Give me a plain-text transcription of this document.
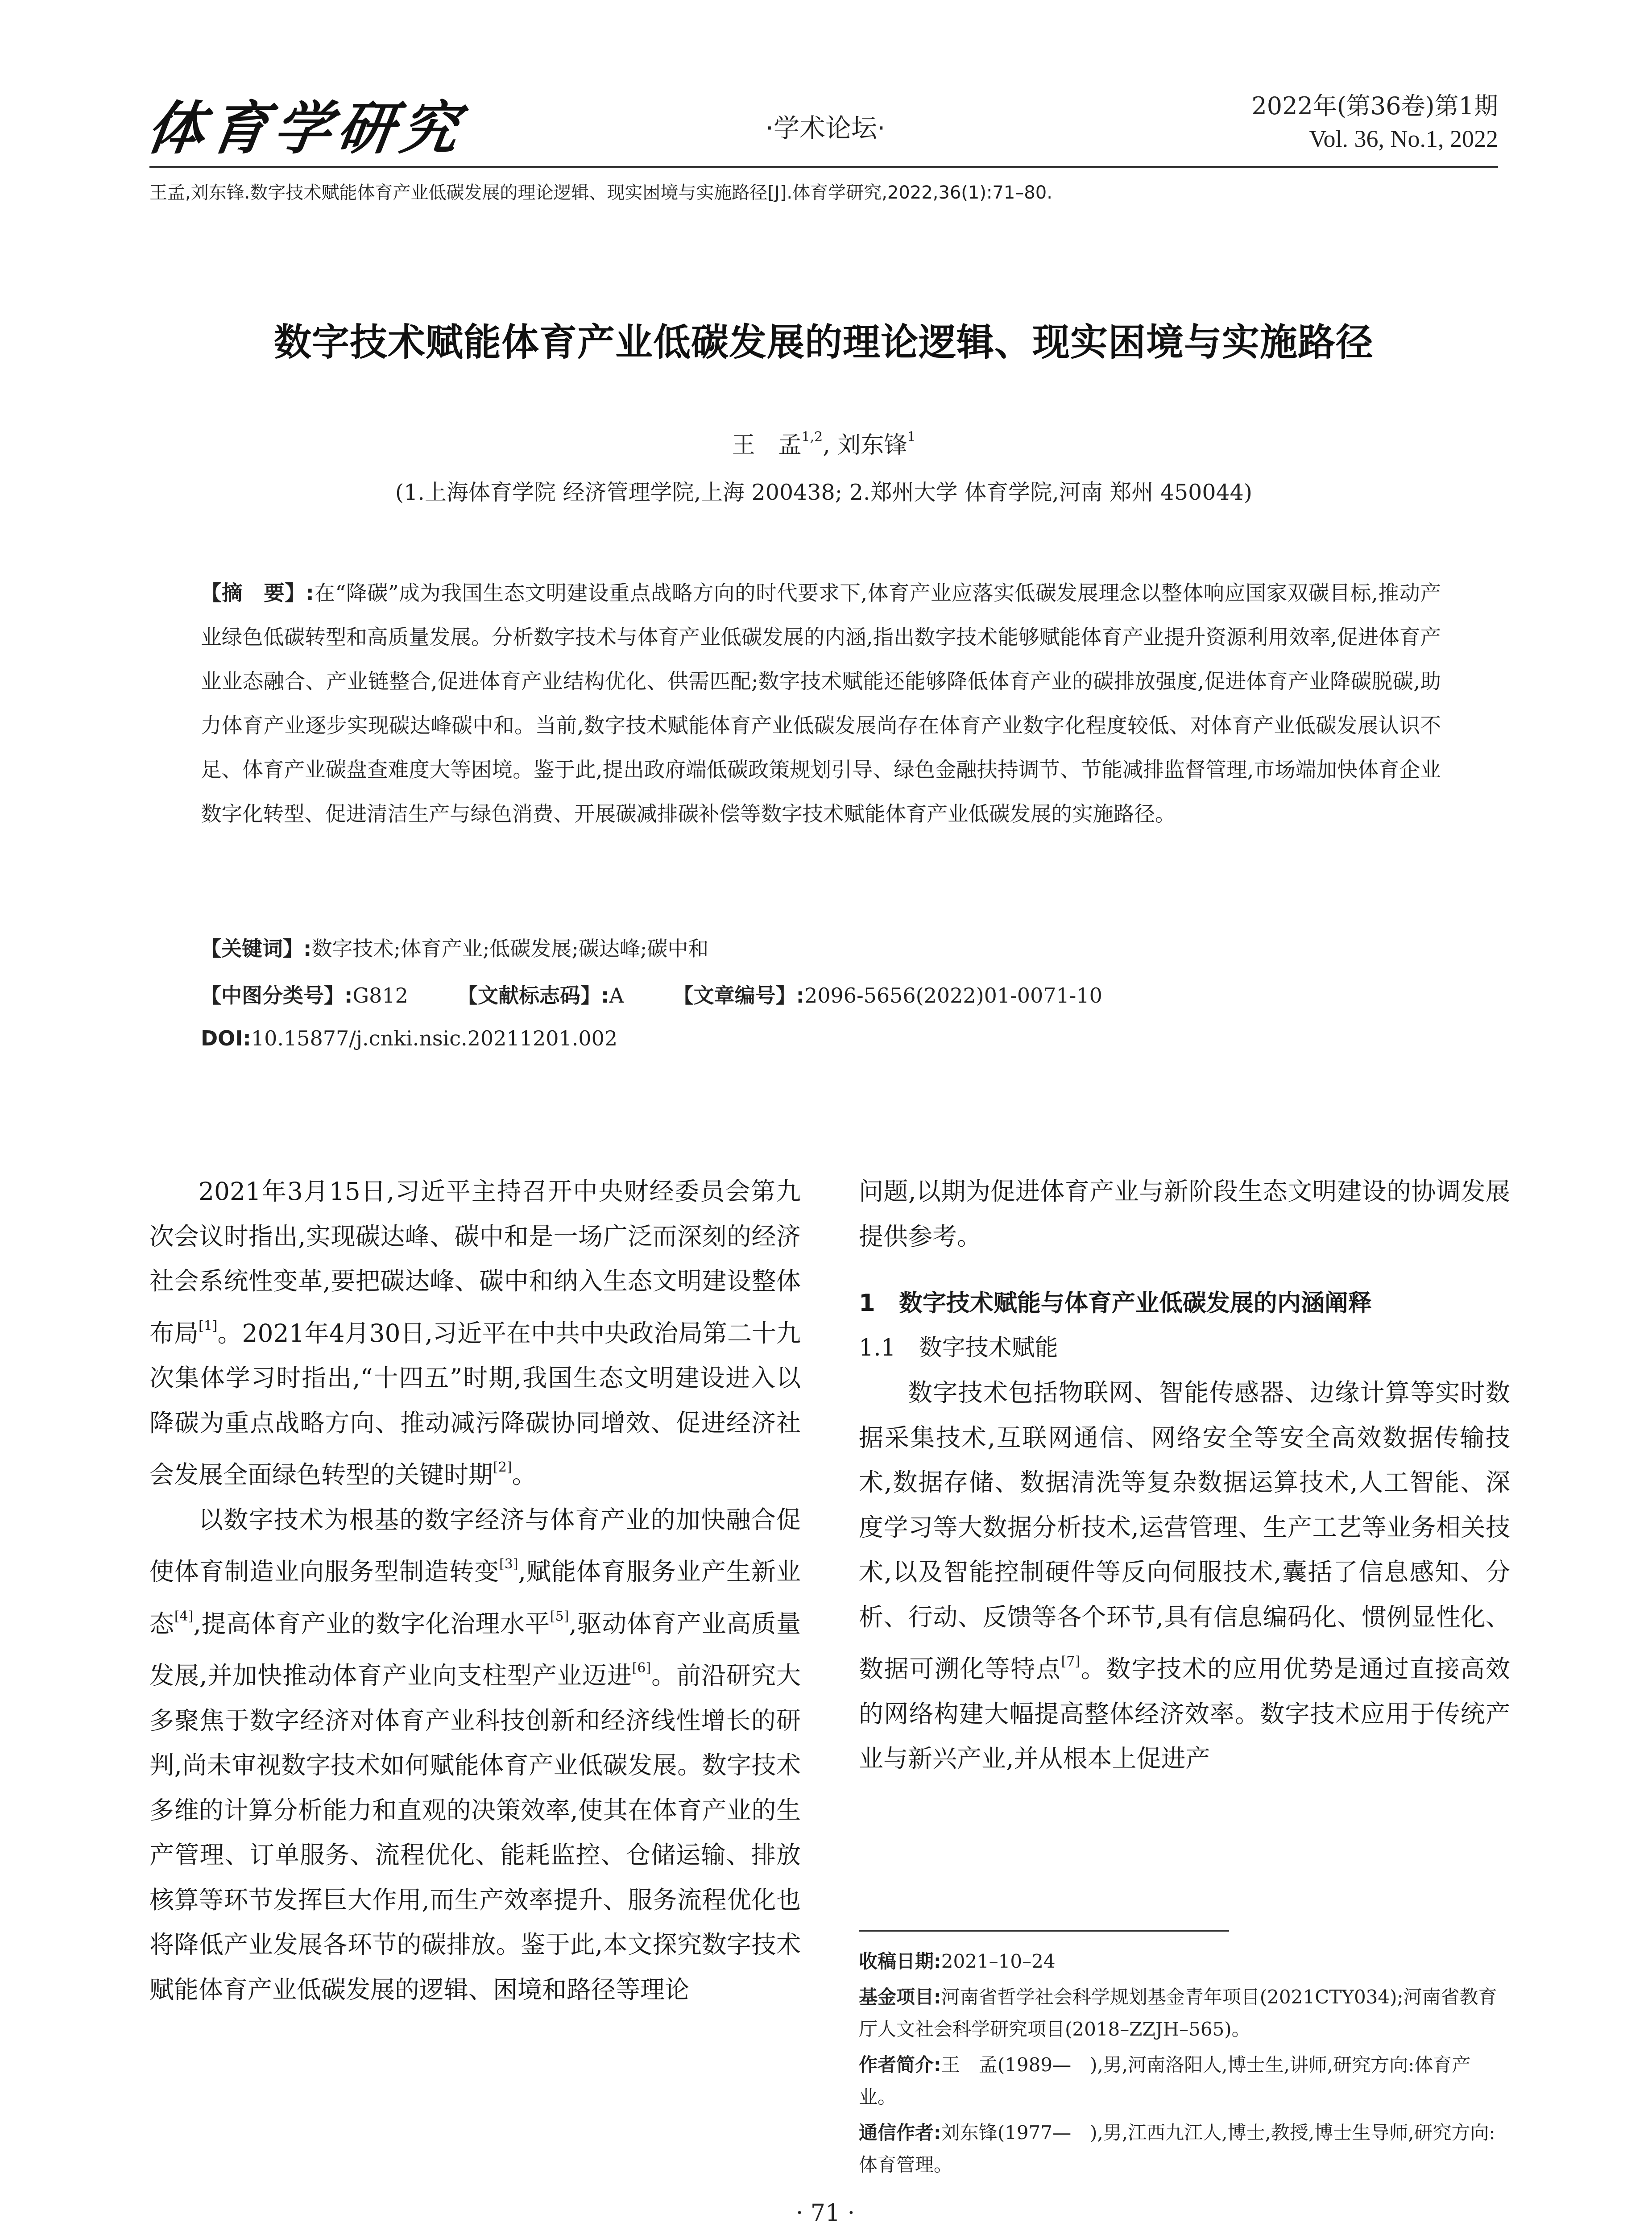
体育学研究	·学术论坛·
2022年(第36卷)第1期
Vol. 36, No.1, 2022
王孟,刘东锋.数字技术赋能体育产业低碳发展的理论逻辑、现实困境与实施路径[J].体育学研究,2022,36(1):71–80.
数字技术赋能体育产业低碳发展的理论逻辑、现实困境与实施路径
王　孟$^{1,2}$, 刘东锋$^1$
(1.上海体育学院 经济管理学院,上海 200438; 2.郑州大学 体育学院,河南 郑州 450044)
【摘　要】:在“降碳”成为我国生态文明建设重点战略方向的时代要求下,体育产业应落实低碳发展理念以整体响应国家双碳目标,推动产业绿色低碳转型和高质量发展。分析数字技术与体育产业低碳发展的内涵,指出数字技术能够赋能体育产业提升资源利用效率,促进体育产业业态融合、产业链整合,促进体育产业结构优化、供需匹配;数字技术赋能还能够降低体育产业的碳排放强度,促进体育产业降碳脱碳,助力体育产业逐步实现碳达峰碳中和。当前,数字技术赋能体育产业低碳发展尚存在体育产业数字化程度较低、对体育产业低碳发展认识不足、体育产业碳盘查难度大等困境。鉴于此,提出政府端低碳政策规划引导、绿色金融扶持调节、节能减排监督管理,市场端加快体育企业数字化转型、促进清洁生产与绿色消费、开展碳减排碳补偿等数字技术赋能体育产业低碳发展的实施路径。
【关键词】:数字技术;体育产业;低碳发展;碳达峰;碳中和
【中图分类号】:G812 【文献标志码】:A 【文章编号】:2096-5656(2022)01-0071-10
DOI:10.15877/j.cnki.nsic.20211201.002

2021年3月15日,习近平主持召开中央财经委员会第九次会议时指出,实现碳达峰、碳中和是一场广泛而深刻的经济社会系统性变革,要把碳达峰、碳中和纳入生态文明建设整体布局[1]。2021年4月30日,习近平在中共中央政治局第二十九次集体学习时指出,“十四五”时期,我国生态文明建设进入以降碳为重点战略方向、推动减污降碳协同增效、促进经济社会发展全面绿色转型的关键时期[2]。

以数字技术为根基的数字经济与体育产业的加快融合促使体育制造业向服务型制造转变[3],赋能体育服务业产生新业态[4],提高体育产业的数字化治理水平[5],驱动体育产业高质量发展,并加快推动体育产业向支柱型产业迈进[6]。前沿研究大多聚焦于数字经济对体育产业科技创新和经济线性增长的研判,尚未审视数字技术如何赋能体育产业低碳发展。数字技术多维的计算分析能力和直观的决策效率,使其在体育产业的生产管理、订单服务、流程优化、能耗监控、仓储运输、排放核算等环节发挥巨大作用,而生产效率提升、服务流程优化也将降低产业发展各环节的碳排放。鉴于此,本文探究数字技术赋能体育产业低碳发展的逻辑、困境和路径等理论

问题,以期为促进体育产业与新阶段生态文明建设的协调发展提供参考。

1　数字技术赋能与体育产业低碳发展的内涵阐释
1.1　数字技术赋能

数字技术包括物联网、智能传感器、边缘计算等实时数据采集技术,互联网通信、网络安全等安全高效数据传输技术,数据存储、数据清洗等复杂数据运算技术,人工智能、深度学习等大数据分析技术,运营管理、生产工艺等业务相关技术,以及智能控制硬件等反向伺服技术,囊括了信息感知、分析、行动、反馈等各个环节,具有信息编码化、惯例显性化、数据可溯化等特点[7]。数字技术的应用优势是通过直接高效的网络构建大幅提高整体经济效率。数字技术应用于传统产业与新兴产业,并从根本上促进产

收稿日期:2021–10–24
基金项目:河南省哲学社会科学规划基金青年项目(2021CTY034);河南省教育厅人文社会科学研究项目(2018–ZZJH–565)。
作者简介:王　孟(1989—　),男,河南洛阳人,博士生,讲师,研究方向:体育产业。
通信作者:刘东锋(1977—　),男,江西九江人,博士,教授,博士生导师,研究方向:体育管理。
· 71 ·
